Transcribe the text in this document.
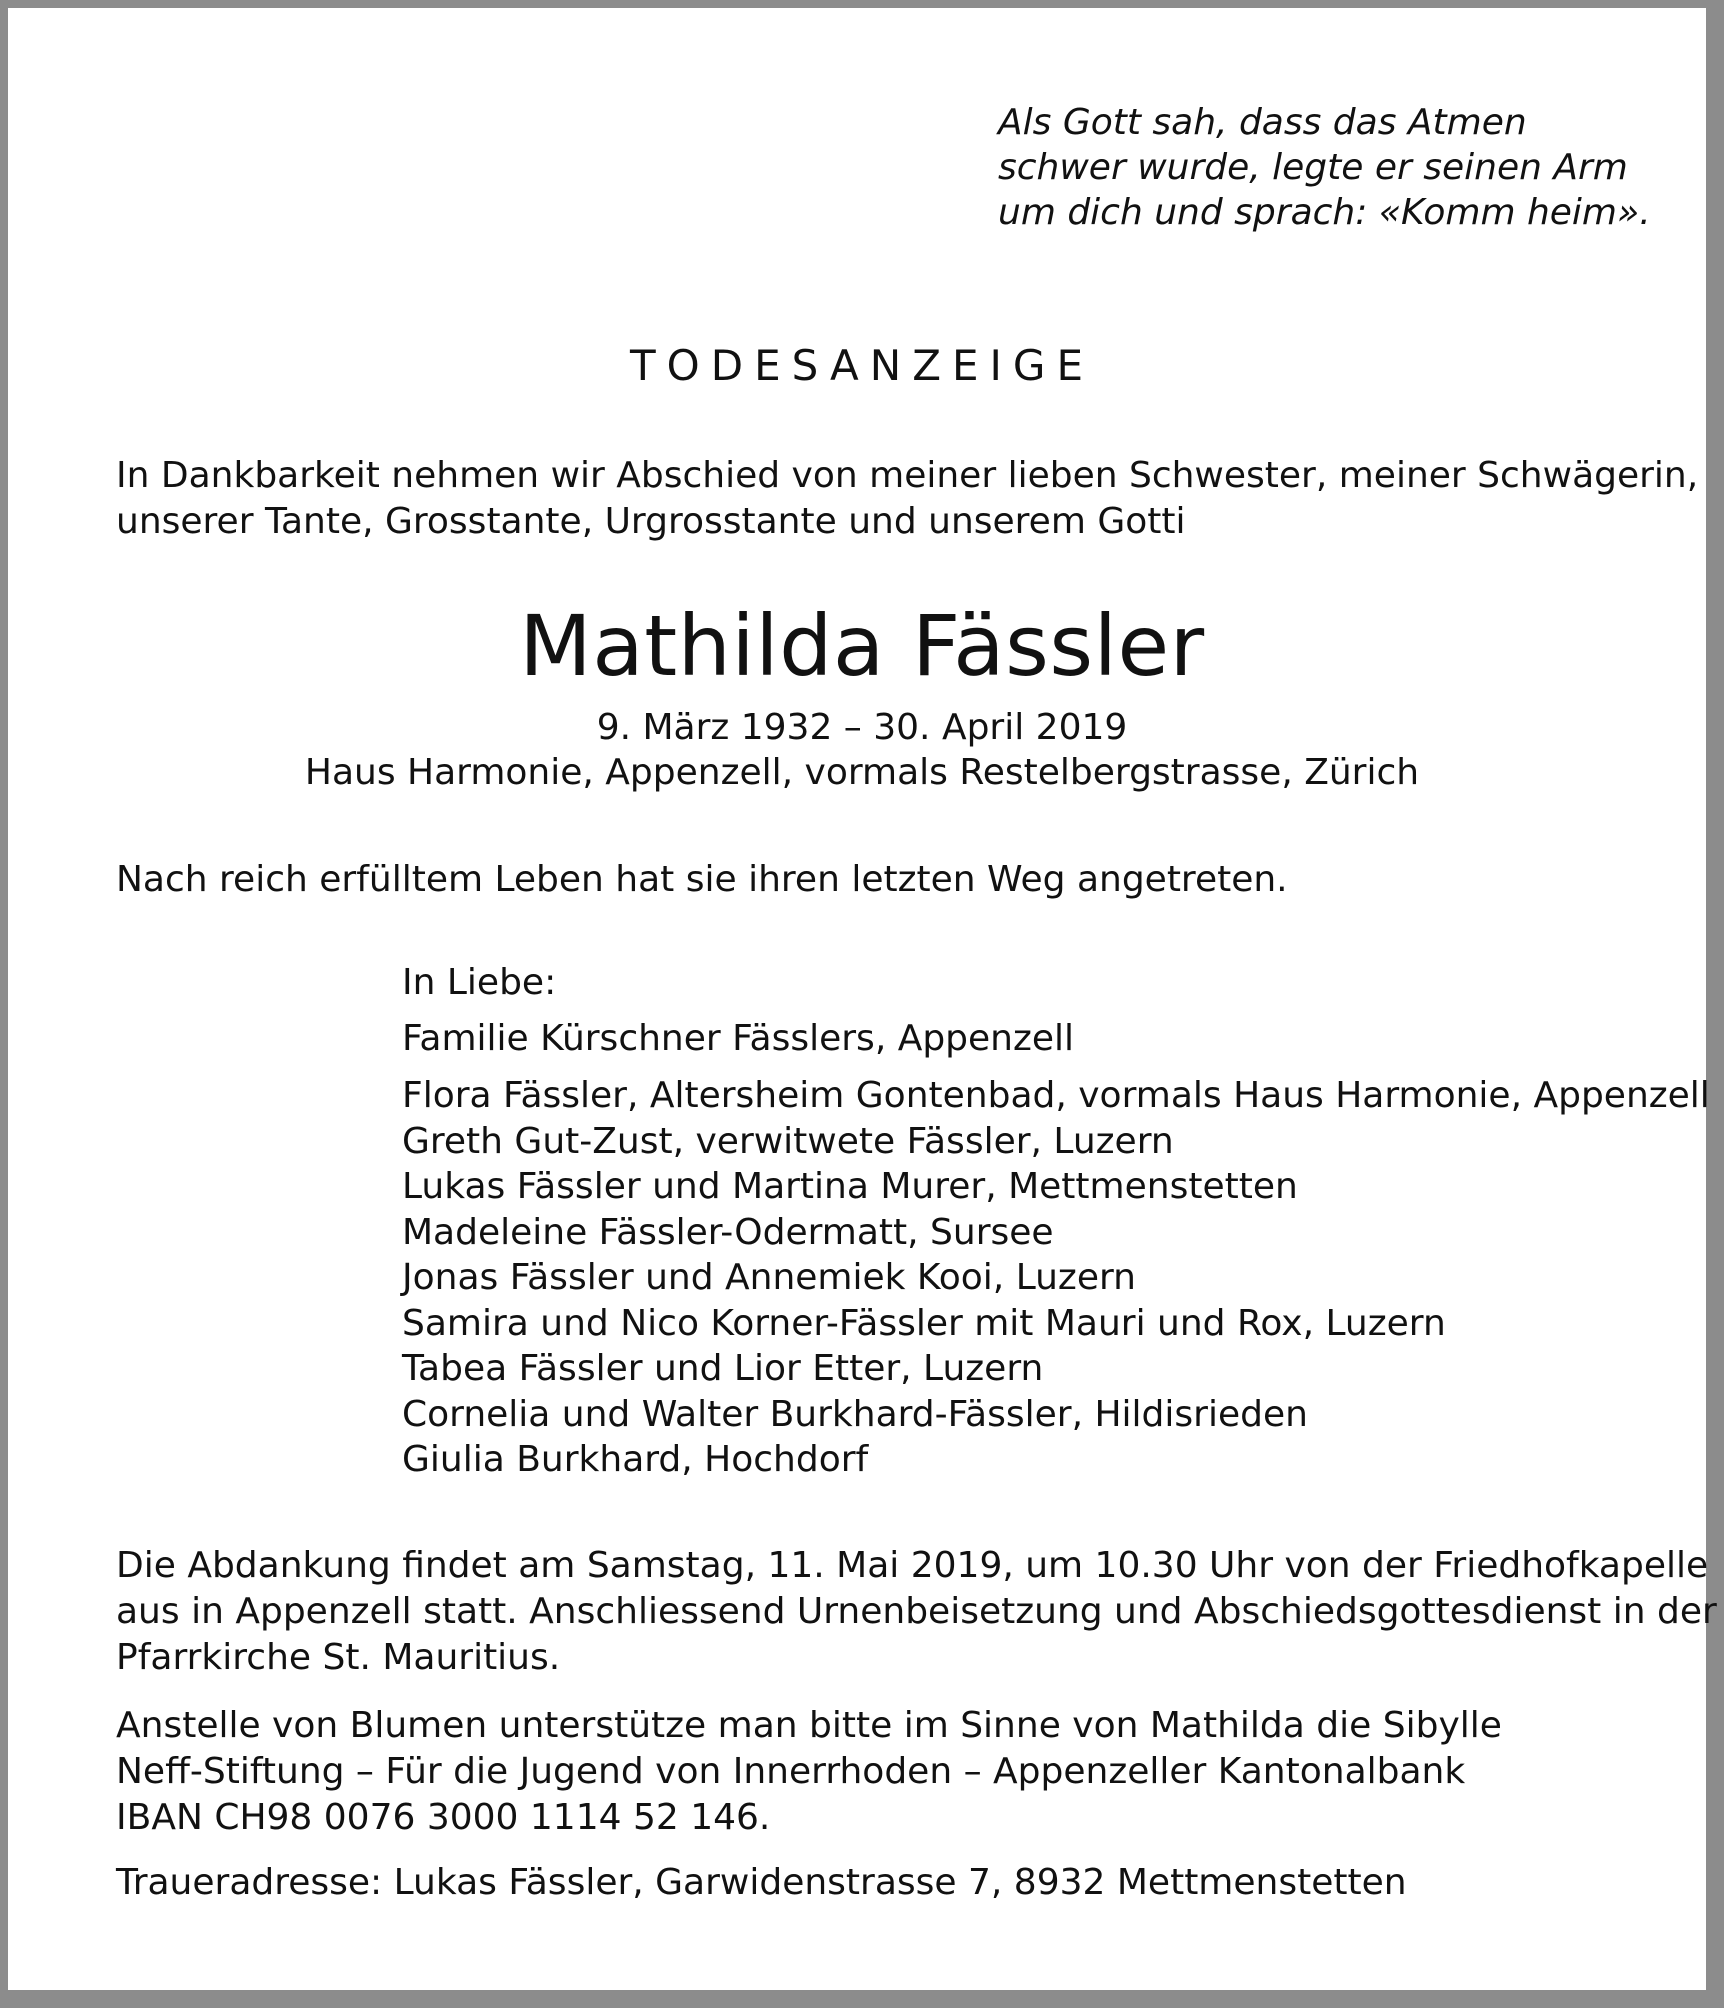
Als Gott sah, dass das Atmen
schwer wurde, legte er seinen Arm
um dich und sprach: «Komm heim».
TODESANZEIGE
In Dankbarkeit nehmen wir Abschied von meiner lieben Schwester, meiner Schwägerin,
unserer Tante, Grosstante, Urgrosstante und unserem Gotti
Mathilda Fässler
9. März 1932 – 30. April 2019
Haus Harmonie, Appenzell, vormals Restelbergstrasse, Zürich
Nach reich erfülltem Leben hat sie ihren letzten Weg angetreten.
In Liebe:
Familie Kürschner Fässlers, Appenzell
Flora Fässler, Altersheim Gontenbad, vormals Haus Harmonie, Appenzell
Greth Gut-Zust, verwitwete Fässler, Luzern
Lukas Fässler und Martina Murer, Mettmenstetten
Madeleine Fässler-Odermatt, Sursee
Jonas Fässler und Annemiek Kooi, Luzern
Samira und Nico Korner-Fässler mit Mauri und Rox, Luzern
Tabea Fässler und Lior Etter, Luzern
Cornelia und Walter Burkhard-Fässler, Hildisrieden
Giulia Burkhard, Hochdorf
Die Abdankung findet am Samstag, 11. Mai 2019, um 10.30 Uhr von der Friedhofkapelle
aus in Appenzell statt. Anschliessend Urnenbeisetzung und Abschiedsgottesdienst in der
Pfarrkirche St. Mauritius.
Anstelle von Blumen unterstütze man bitte im Sinne von Mathilda die Sibylle
Neff-Stiftung – Für die Jugend von Innerrhoden – Appenzeller Kantonalbank
IBAN CH98 0076 3000 1114 52 146.
Traueradresse: Lukas Fässler, Garwidenstrasse 7, 8932 Mettmenstetten
